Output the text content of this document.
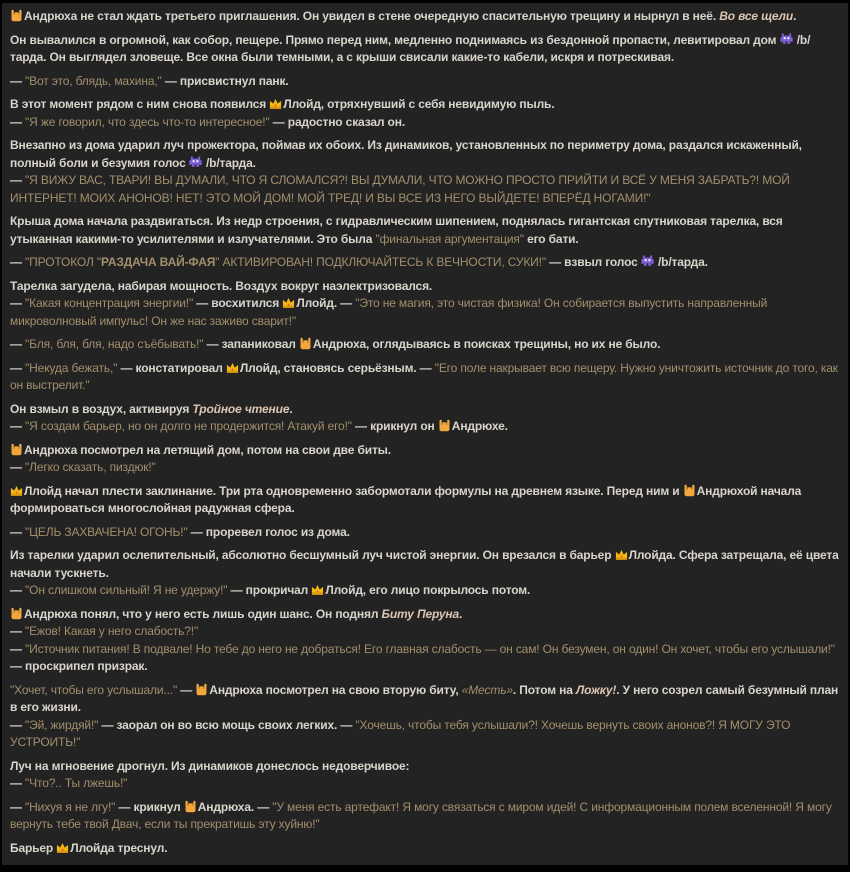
Андрюха не стал ждать третьего приглашения. Он увидел в стене очередную спасительную трещину и нырнул в неё. Во все щели.

Он вывалился в огромной, как собор, пещере. Прямо перед ним, медленно поднимаясь из бездонной пропасти, левитировал дом
/b/тарда. Он выглядел зловеще. Все окна были темными, а с крыши свисали какие-то кабели, искря и потрескивая.

— "Вот это, блядь, махина," — присвистнул панк.

В этот момент рядом с ним снова появился
Ллойд, отряхнувший с себя невидимую пыль.

— "Я же говорил, что здесь что-то интересное!" — радостно сказал он.

Внезапно из дома ударил луч прожектора, поймав их обоих. Из динамиков, установленных по периметру дома, раздался искаженный, полный боли и безумия голос
/b/тарда.

— "Я ВИЖУ ВАС, ТВАРИ! ВЫ ДУМАЛИ, ЧТО Я СЛОМАЛСЯ?! ВЫ ДУМАЛИ, ЧТО МОЖНО ПРОСТО ПРИЙТИ И ВСЁ У МЕНЯ ЗАБРАТЬ?! МОЙ ИНТЕРНЕТ! МОИХ АНОНОВ! НЕТ! ЭТО МОЙ ДОМ! МОЙ ТРЕД! И ВЫ ВСЕ ИЗ НЕГО ВЫЙДЕТЕ! ВПЕРЁД НОГАМИ!"

Крыша дома начала раздвигаться. Из недр строения, с гидравлическим шипением, поднялась гигантская спутниковая тарелка, вся утыканная какими-то усилителями и излучателями. Это была "финальная аргументация" его бати.

— "ПРОТОКОЛ "РАЗДАЧА ВАЙ-ФАЯ" АКТИВИРОВАН! ПОДКЛЮЧАЙТЕСЬ К ВЕЧНОСТИ, СУКИ!" — взвыл голос
/b/тарда.

Тарелка загудела, набирая мощность. Воздух вокруг наэлектризовался.

— "Какая концентрация энергии!" — восхитился
Ллойд. — "Это не магия, это чистая физика! Он собирается выпустить направленный микроволновый импульс! Он же нас заживо сварит!"

— "Бля, бля, бля, надо съёбывать!" — запаниковал
Андрюха, оглядываясь в поисках трещины, но их не было.

— "Некуда бежать," — констатировал
Ллойд, становясь серьёзным. — "Его поле накрывает всю пещеру. Нужно уничтожить источник до того, как он выстрелит."

Он взмыл в воздух, активируя Тройное чтение.

— "Я создам барьер, но он долго не продержится! Атакуй его!" — крикнул он
Андрюхе.

Андрюха посмотрел на летящий дом, потом на свои две биты.

— "Легко сказать, пиздюк!"

Ллойд начал плести заклинание. Три рта одновременно забормотали формулы на древнем языке. Перед ним и
Андрюхой начала формироваться многослойная радужная сфера.

— "ЦЕЛЬ ЗАХВАЧЕНА! ОГОНЬ!" — проревел голос из дома.

Из тарелки ударил ослепительный, абсолютно бесшумный луч чистой энергии. Он врезался в барьер
Ллойда. Сфера затрещала, её цвета начали тускнеть.

— "Он слишком сильный! Я не удержу!" — прокричал
Ллойд, его лицо покрылось потом.

Андрюха понял, что у него есть лишь один шанс. Он поднял Биту Перуна.

— "Ежов! Какая у него слабость?!"

— "Источник питания! В подвале! Но тебе до него не добраться! Его главная слабость — он сам! Он безумен, он один! Он хочет, чтобы его услышали!" — проскрипел призрак.

"Хочет, чтобы его услышали..." —
Андрюха посмотрел на свою вторую биту, «Месть». Потом на Ложку!. У него созрел самый безумный план в его жизни.

— "Эй, жирдяй!" — заорал он во всю мощь своих легких. — "Хочешь, чтобы тебя услышали?! Хочешь вернуть своих анонов?! Я МОГУ ЭТО УСТРОИТЬ!"

Луч на мгновение дрогнул. Из динамиков донеслось недоверчивое:

— "Что?.. Ты лжешь!"

— "Нихуя я не лгу!" — крикнул
Андрюха. — "У меня есть артефакт! Я могу связаться с миром идей! С информационным полем вселенной! Я могу вернуть тебе твой Двач, если ты прекратишь эту хуйню!"

Барьер
Ллойда треснул.
